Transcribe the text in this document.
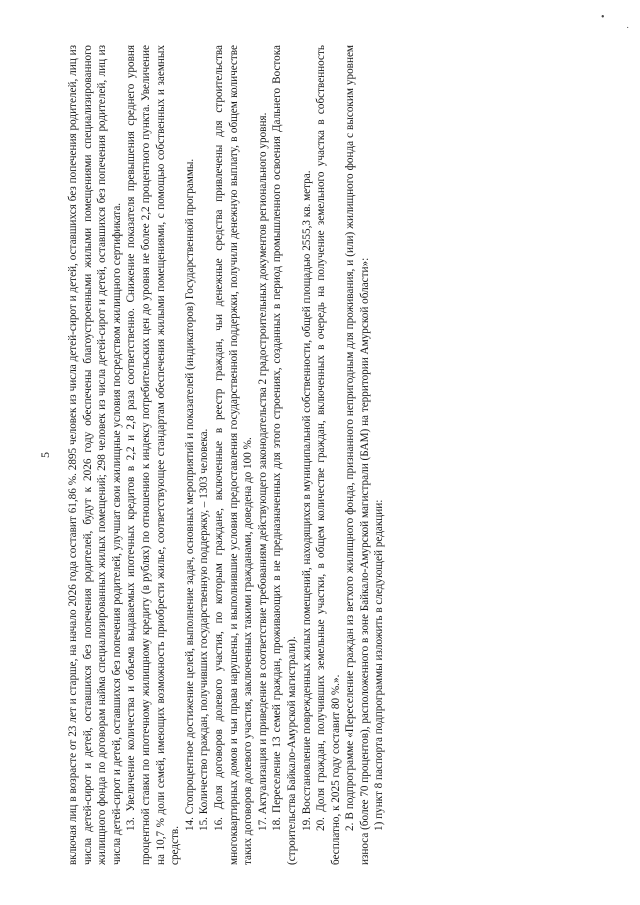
5 включая лиц в возрасте от 23 лет и старше, на начало 2026 года составит 61,86 %. 2895 человек из числа детей-сирот и детей, оставшихся без попечения родителей, лиц из числа детей-сирот и детей, оставшихся без попечения родителей, будут к 2026 году обеспечены благоустроенными жилыми помещениями специализированного жилищного фонда по договорам найма специализированных жилых помещений; 298 человек из числа детей-сирот и детей, оставшихся без попечения родителей, лиц из числа детей-сирот и детей, оставшихся без попечения родителей, улучшат свои жилищные условия посредством жилищного сертификата. 13. Увеличение количества и объема выдаваемых ипотечных кредитов в 2,2 и 2,8 раза соответственно. Снижение показателя превышения среднего уровня процентной ставки по ипотечному жилищному кредиту (в рублях) по отношению к индексу потребительских цен до уровня не более 2,2 процентного пункта. Увеличение на 10,7 % доли семей, имеющих возможность приобрести жилье, соответствующее стандартам обеспечения жилыми помещениями, с помощью собственных и заемных средств.

14. Стопроцентное достижение целей, выполнение задач, основных мероприятий и показателей (индикаторов) Государственной программы. 15. Количество граждан, получивших государственную поддержку, – 1303 человека. 16. Доля договоров долевого участия, по которым граждане, включенные в реестр граждан, чьи денежные средства привлечены для строительства многоквартирных домов и чьи права нарушены, и выполнившие условия предоставления государственной поддержки, получили денежную выплату, в общем количестве таких договоров долевого участия, заключенных такими гражданами, доведена до 100 %. 17. Актуализация и приведение в соответствие требованиям действующего законодательства 2 градостроительных документов регионального уровня. 18. Переселение 13 семей граждан, проживающих в не предназначенных для этого строениях, созданных в период промышленного освоения Дальнего Востока (строительства Байкало-Амурской магистрали). 19. Восстановление поврежденных жилых помещений, находящихся в муниципальной собственности, общей площадью 2555,3 кв. метра. 20. Доля граждан, получивших земельные участки, в общем количестве граждан, включенных в очередь на получение земельного участка в собственность бесплатно, к 2025 году составит 80 %.». 2. В подпрограмме «Переселение граждан из ветхого жилищного фонда, признанного непригодным для проживания, и (или) жилищного фонда с высоким уровнем износа (более 70 процентов), расположенного в зоне Байкало-Амурской магистрали (БАМ) на территории Амурской области»: 1) пункт 8 паспорта подпрограммы изложить в следующей редакции:

•
˙
